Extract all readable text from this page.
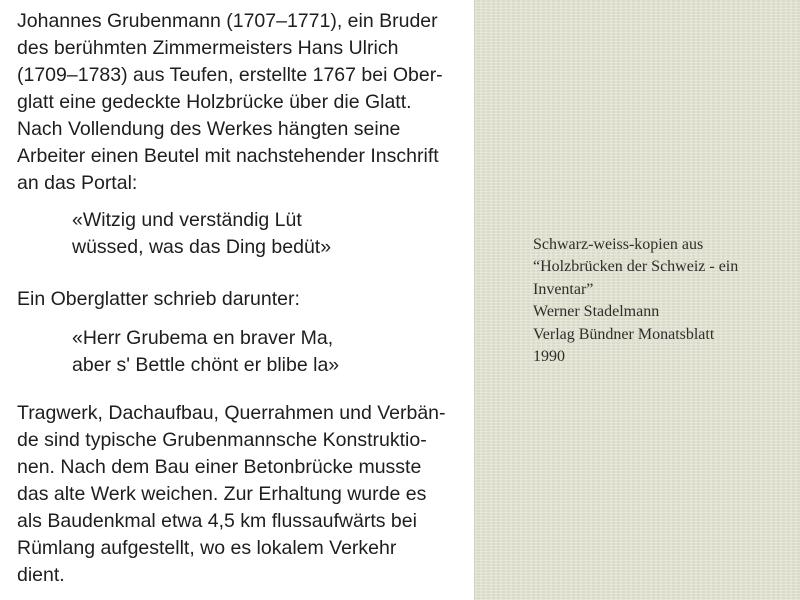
Johannes Grubenmann (1707–1771), ein Bruder
des berühmten Zimmermeisters Hans Ulrich
(1709–1783) aus Teufen, erstellte 1767 bei Ober-
glatt eine gedeckte Holzbrücke über die Glatt.
Nach Vollendung des Werkes hängten seine
Arbeiter einen Beutel mit nachstehender Inschrift
an das Portal:

«Witzig und verständig Lüt
wüssed, was das Ding bedüt»

Ein Oberglatter schrieb darunter:

«Herr Grubema en braver Ma,
aber s' Bettle chönt er blibe la»

Tragwerk, Dachaufbau, Querrahmen und Verbän-
de sind typische Grubenmannsche Konstruktio-
nen. Nach dem Bau einer Betonbrücke musste
das alte Werk weichen. Zur Erhaltung wurde es
als Baudenkmal etwa 4,5 km flussaufwärts bei
Rümlang aufgestellt, wo es lokalem Verkehr
dient.

Schwarz-weiss-kopien aus
“Holzbrücken der Schweiz - ein
Inventar”
Werner Stadelmann
Verlag Bündner Monatsblatt
1990
